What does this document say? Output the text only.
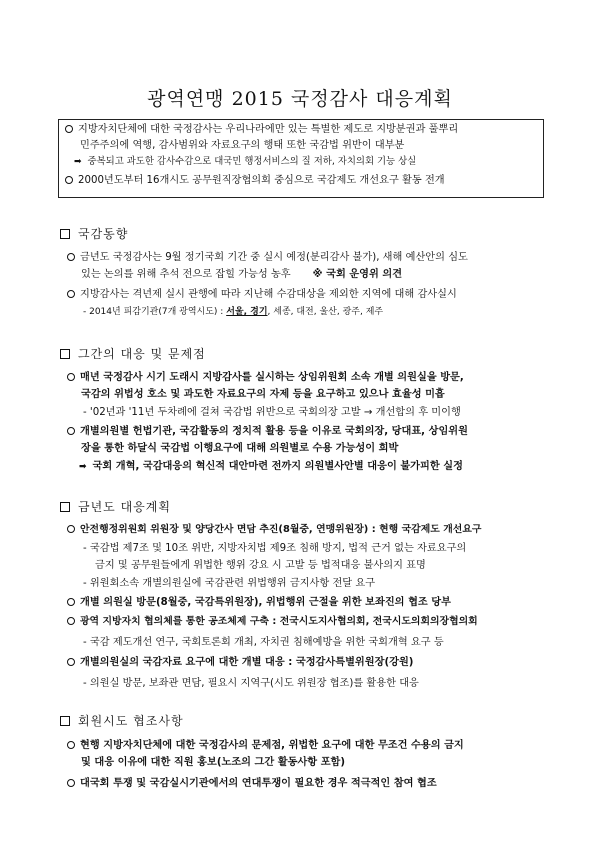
광역연맹 2015 국정감사 대응계획
지방자치단체에 대한 국정감사는 우리나라에만 있는 특별한 제도로 지방분권과 풀뿌리
민주주의에 역행, 감사범위와 자료요구의 행태 또한 국감법 위반이 대부분
➡ 중복되고 과도한 감사수감으로 대국민 행정서비스의 질 저하, 자치의회 기능 상실
2000년도부터 16개시도 공무원직장협의회 중심으로 국감제도 개선요구 활동 전개
국감동향
금년도 국정감사는 9월 정기국회 기간 중 실시 예정(분리감사 불가), 새해 예산안의 심도
있는 논의를 위해 추석 전으로 잡힐 가능성 농후 ※ 국회 운영위 의견
지방감사는 격년제 실시 관행에 따라 지난해 수감대상을 제외한 지역에 대해 감사실시
- 2014년 피감기관(7개 광역시도) : 서울, 경기, 세종, 대전, 울산, 광주, 제주
그간의 대응 및 문제점
매년 국정감사 시기 도래시 지방감사를 실시하는 상임위원회 소속 개별 의원실을 방문,
국감의 위법성 호소 및 과도한 자료요구의 자제 등을 요구하고 있으나 효율성 미흡
- '02년과 '11년 두차례에 걸쳐 국감법 위반으로 국회의장 고발 → 개선합의 후 미이행
개별의원별 헌법기관, 국감활동의 정치적 활용 등을 이유로 국회의장, 당대표, 상임위원
장을 통한 하달식 국감법 이행요구에 대해 의원별로 수용 가능성이 희박
➡ 국회 개혁, 국감대응의 혁신적 대안마련 전까지 의원별사안별 대응이 불가피한 실정
금년도 대응계획
안전행정위원회 위원장 및 양당간사 면담 추진(8월중, 연맹위원장) : 현행 국감제도 개선요구
- 국감법 제7조 및 10조 위반, 지방자치법 제9조 침해 방지, 법적 근거 없는 자료요구의
금지 및 공무원들에게 위법한 행위 강요 시 고발 등 법적대응 불사의지 표명
- 위원회소속 개별의원실에 국감관련 위법행위 금지사항 전달 요구
개별 의원실 방문(8월중, 국감특위원장), 위법행위 근절을 위한 보좌진의 협조 당부
광역 지방자치 협의체를 통한 공조체제 구축 : 전국시도지사협의회, 전국시도의회의장협의회
- 국감 제도개선 연구, 국회토론회 개최, 자치권 침해예방을 위한 국회개혁 요구 등
개별의원실의 국감자료 요구에 대한 개별 대응 : 국정감사특별위원장(강원)
- 의원실 방문, 보좌관 면담, 필요시 지역구(시도 위원장 협조)를 활용한 대응
회원시도 협조사항
현행 지방자치단체에 대한 국정감사의 문제점, 위법한 요구에 대한 무조건 수용의 금지
및 대응 이유에 대한 직원 홍보(노조의 그간 활동사항 포함)
대국회 투쟁 및 국감실시기관에서의 연대투쟁이 필요한 경우 적극적인 참여 협조
